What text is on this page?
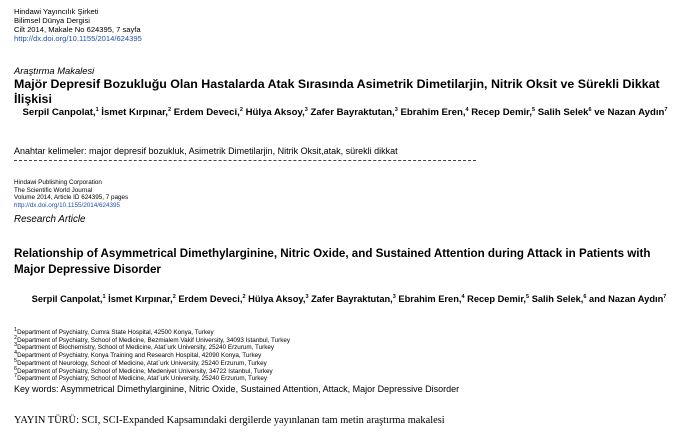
Hindawi Yayıncılık Şirketi
Bilimsel Dünya Dergisi
Cilt 2014, Makale No 624395, 7 sayfa
http://dx.doi.org/10.1155/2014/624395
Araştırma Makalesi
Majör Depresif Bozukluğu Olan Hastalarda Atak Sırasında Asimetrik Dimetilarjin, Nitrik Oksit ve Sürekli Dikkat İlişkisi
Serpil Canpolat,$^1$ İsmet Kırpınar,$^2$ Erdem Deveci,$^2$ Hülya Aksoy,$^3$ Zafer Bayraktutan,$^3$ Ebrahim Eren,$^4$ Recep Demir,$^5$ Salih Selek$^6$ ve Nazan Aydın$^7$
Anahtar kelimeler: major depresif bozukluk, Asimetrik Dimetilarjin, Nitrik Oksit,atak, sürekli dikkat
Hindawi Publishing Corporation
The Scientific World Journal
Volume 2014, Article ID 624395, 7 pages
http://dx.doi.org/10.1155/2014/624395
Research Article
Relationship of Asymmetrical Dimethylarginine, Nitric Oxide, and Sustained Attention during Attack in Patients with Major Depressive Disorder
Serpil Canpolat,$^1$ İsmet Kırpınar,$^2$ Erdem Deveci,$^2$ Hülya Aksoy,$^3$ Zafer Bayraktutan,$^3$ Ebrahim Eren,$^4$ Recep Demir,$^5$ Salih Selek,$^6$ and Nazan Aydın$^7$
$^1$Department of Psychiatry, Cumra State Hospital, 42500 Konya, Turkey
$^2$Department of Psychiatry, School of Medicine, Bezmialem Vakif University, 34093 Istanbul, Turkey
$^3$Department of Biochemistry, School of Medicine, Atat¨urk University, 25240 Erzurum, Turkey
$^4$Department of Psychiatry, Konya Training and Research Hospital, 42090 Konya, Turkey
$^5$Department of Neurology, School of Medicine, Atat¨urk University, 25240 Erzurum, Turkey
$^6$Department of Psychiatry, School of Medicine, Medeniyet University, 34722 Istanbul, Turkey
$^7$Department of Psychiatry, School of Medicine, Atat¨urk University, 25240 Erzurum, Turkey
Key words: Asymmetrical Dimethylarginine, Nitric Oxide, Sustained Attention, Attack, Major Depressive Disorder
YAYIN TÜRÜ: SCI, SCI-Expanded Kapsamındaki dergilerde yayınlanan tam metin araştırma makalesi
